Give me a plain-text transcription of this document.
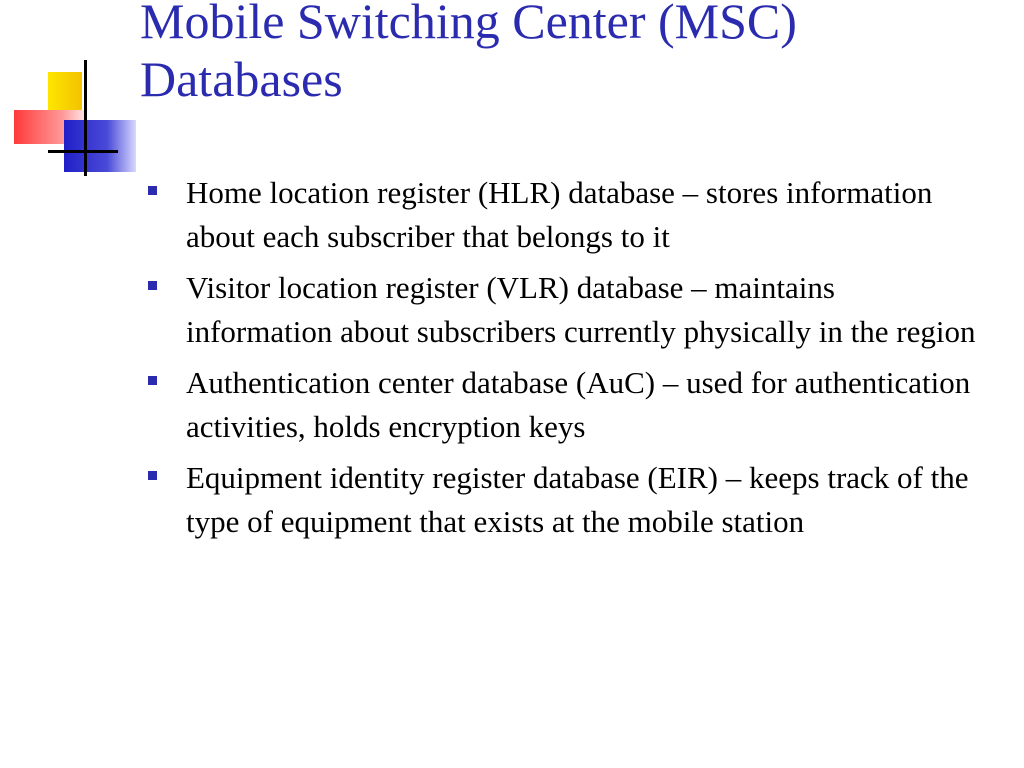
Mobile Switching Center (MSC)
Databases
Home location register (HLR) database – stores information about each subscriber that belongs to it
Visitor location register (VLR) database – maintains information about subscribers currently physically in the region
Authentication center database (AuC) – used for authentication activities, holds encryption keys
Equipment identity register database (EIR) – keeps track of the type of equipment that exists at the mobile station
